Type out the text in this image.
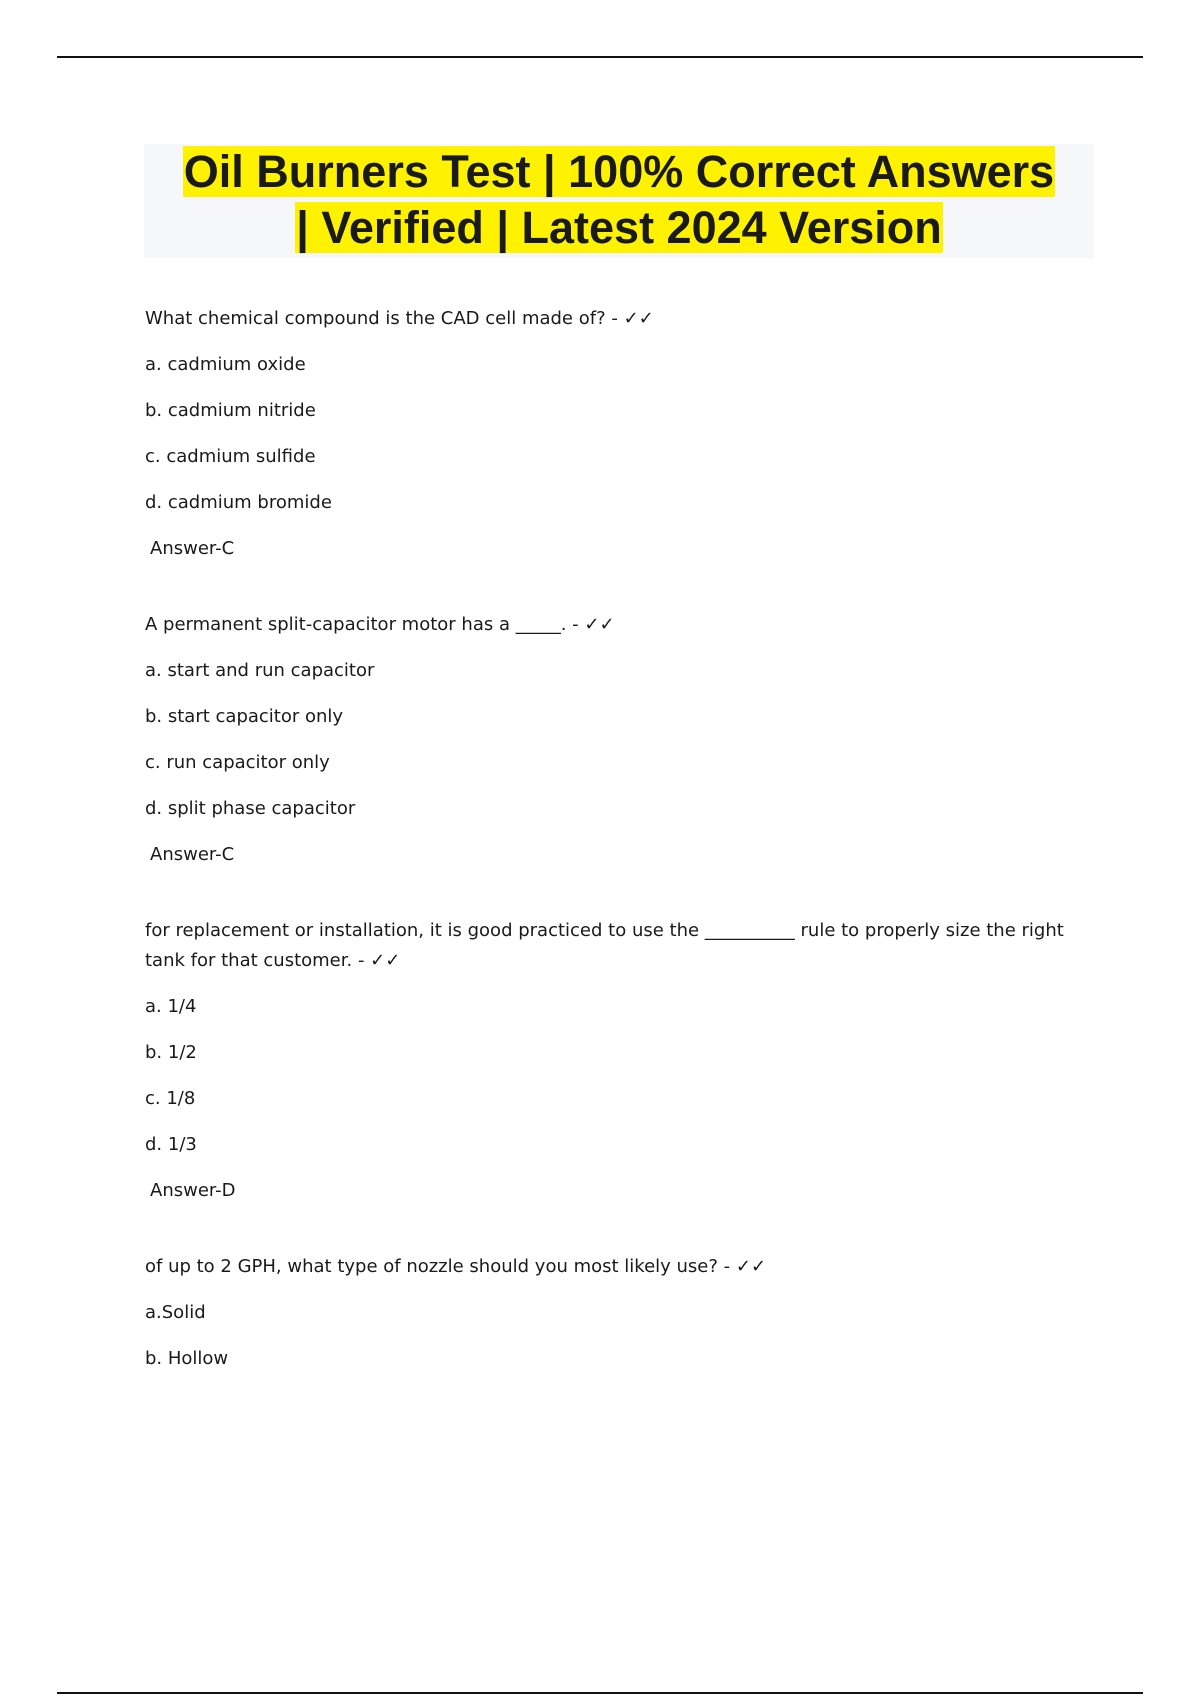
Oil Burners Test | 100% Correct Answers
| Verified | Latest 2024 Version
What chemical compound is the CAD cell made of? - ✓✓
a. cadmium oxide
b. cadmium nitride
c. cadmium sulfide
d. cadmium bromide
Answer-C
A permanent split-capacitor motor has a _____. - ✓✓
a. start and run capacitor
b. start capacitor only
c. run capacitor only
d. split phase capacitor
Answer-C
for replacement or installation, it is good practiced to use the __________ rule to properly size the right tank for that customer. - ✓✓
a. 1/4
b. 1/2
c. 1/8
d. 1/3
Answer-D
of up to 2 GPH, what type of nozzle should you most likely use? - ✓✓
a.Solid
b. Hollow
